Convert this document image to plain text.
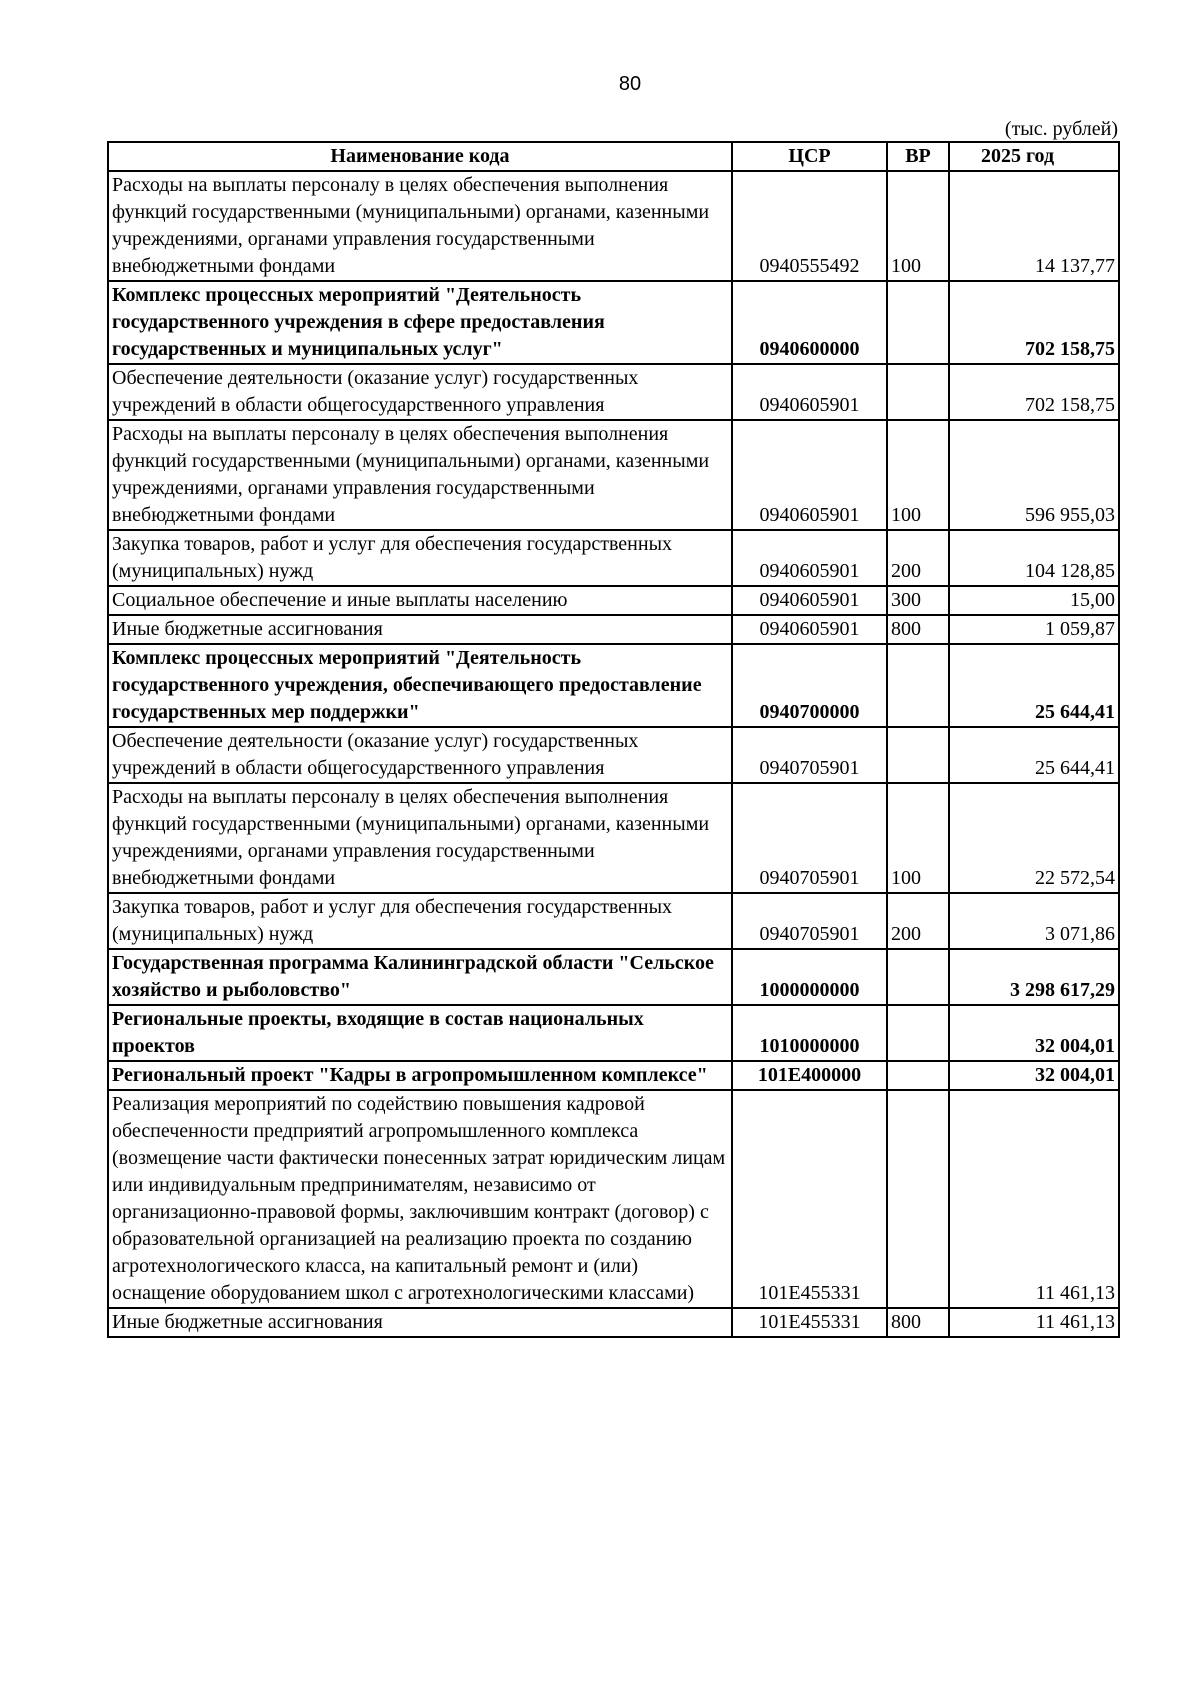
80
(тыс. рублей)
Наименование кода	ЦСР	ВР	2025 год
Расходы на выплаты персоналу в целях обеспечения выполнения функций государственными (муниципальными) органами, казенными учреждениями, органами управления государственными внебюджетными фондами	0940555492	100	14 137,77
Комплекс процессных мероприятий "Деятельность государственного учреждения в сфере предоставления государственных и муниципальных услуг"	0940600000		702 158,75
Обеспечение деятельности (оказание услуг) государственных учреждений в области общегосударственного управления	0940605901		702 158,75
Расходы на выплаты персоналу в целях обеспечения выполнения функций государственными (муниципальными) органами, казенными учреждениями, органами управления государственными внебюджетными фондами	0940605901	100	596 955,03
Закупка товаров, работ и услуг для обеспечения государственных (муниципальных) нужд	0940605901	200	104 128,85
Социальное обеспечение и иные выплаты населению	0940605901	300	15,00
Иные бюджетные ассигнования	0940605901	800	1 059,87
Комплекс процессных мероприятий "Деятельность государственного учреждения, обеспечивающего предоставление государственных мер поддержки"	0940700000		25 644,41
Обеспечение деятельности (оказание услуг) государственных учреждений в области общегосударственного управления	0940705901		25 644,41
Расходы на выплаты персоналу в целях обеспечения выполнения функций государственными (муниципальными) органами, казенными учреждениями, органами управления государственными внебюджетными фондами	0940705901	100	22 572,54
Закупка товаров, работ и услуг для обеспечения государственных (муниципальных) нужд	0940705901	200	3 071,86
Государственная программа Калининградской области "Сельское хозяйство и рыболовство"	1000000000		3 298 617,29
Региональные проекты, входящие в состав национальных проектов	1010000000		32 004,01
Региональный проект "Кадры в агропромышленном комплексе"	101E400000		32 004,01
Реализация мероприятий по содействию повышения кадровой обеспеченности предприятий агропромышленного комплекса (возмещение части фактически понесенных затрат юридическим лицам или индивидуальным предпринимателям, независимо от организационно-правовой формы, заключившим контракт (договор) с образовательной организацией на реализацию проекта по созданию агротехнологического класса, на капитальный ремонт и (или) оснащение оборудованием школ с агротехнологическими классами)	101E455331		11 461,13
Иные бюджетные ассигнования	101E455331	800	11 461,13
